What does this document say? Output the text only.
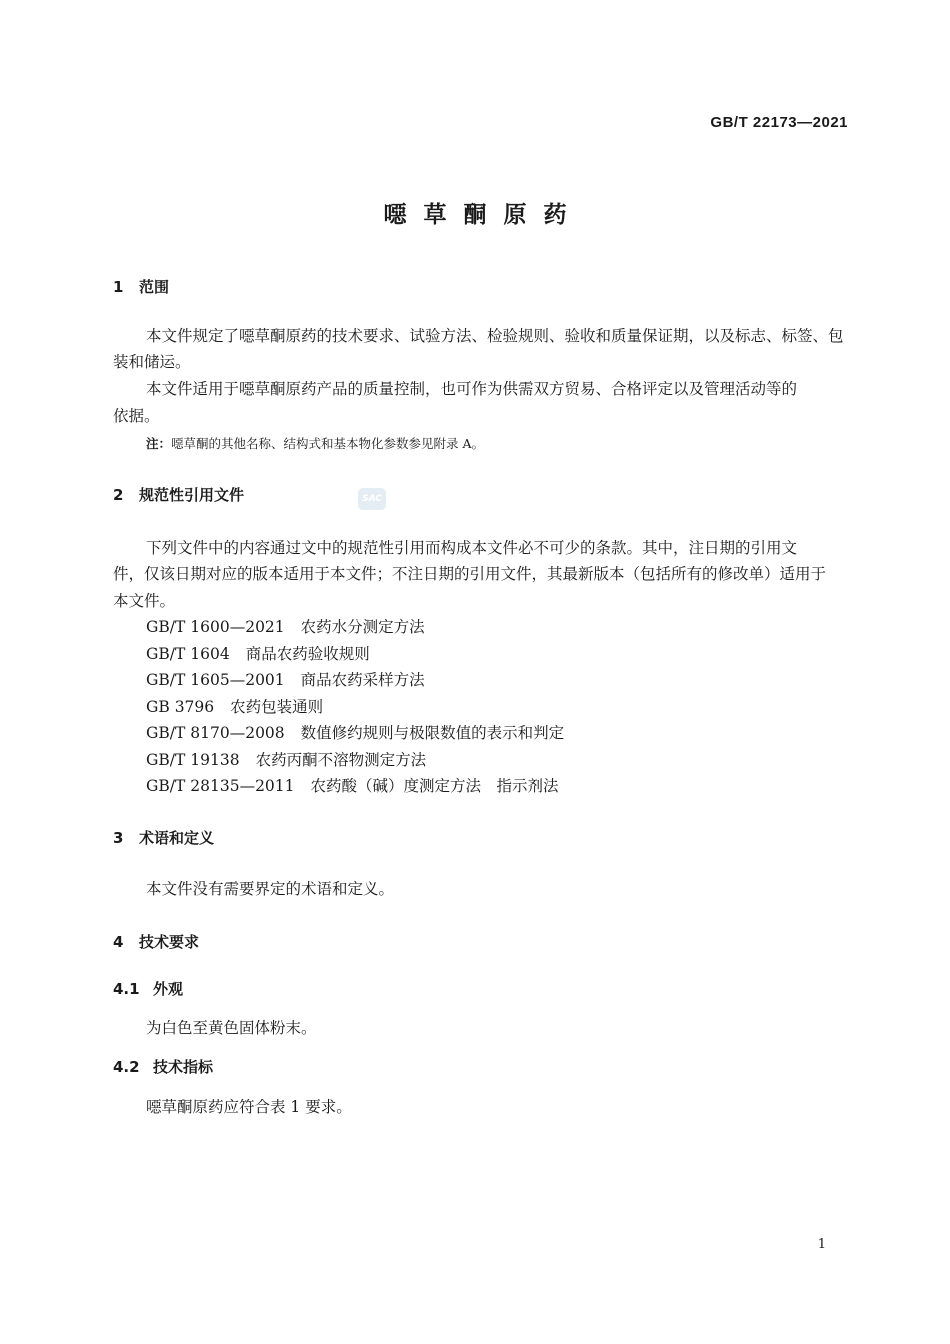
GB/T 22173—2021
噁草酮原药
1 范围
本文件规定了噁草酮原药的技术要求、试验方法、检验规则、验收和质量保证期，以及标志、标签、包
装和储运。
本文件适用于噁草酮原药产品的质量控制，也可作为供需双方贸易、合格评定以及管理活动等的
依据。
注：噁草酮的其他名称、结构式和基本物化参数参见附录 A。
2 规范性引用文件	SAC
下列文件中的内容通过文中的规范性引用而构成本文件必不可少的条款。其中，注日期的引用文
件，仅该日期对应的版本适用于本文件；不注日期的引用文件，其最新版本（包括所有的修改单）适用于
本文件。
GB/T 1600—2021 农药水分测定方法
GB/T 1604 商品农药验收规则
GB/T 1605—2001 商品农药采样方法
GB 3796 农药包装通则
GB/T 8170—2008 数值修约规则与极限数值的表示和判定
GB/T 19138 农药丙酮不溶物测定方法
GB/T 28135—2011 农药酸（碱）度测定方法　指示剂法
3 术语和定义
本文件没有需要界定的术语和定义。
4 技术要求
4.1 外观
为白色至黄色固体粉末。
4.2 技术指标
噁草酮原药应符合表 1 要求。
1
